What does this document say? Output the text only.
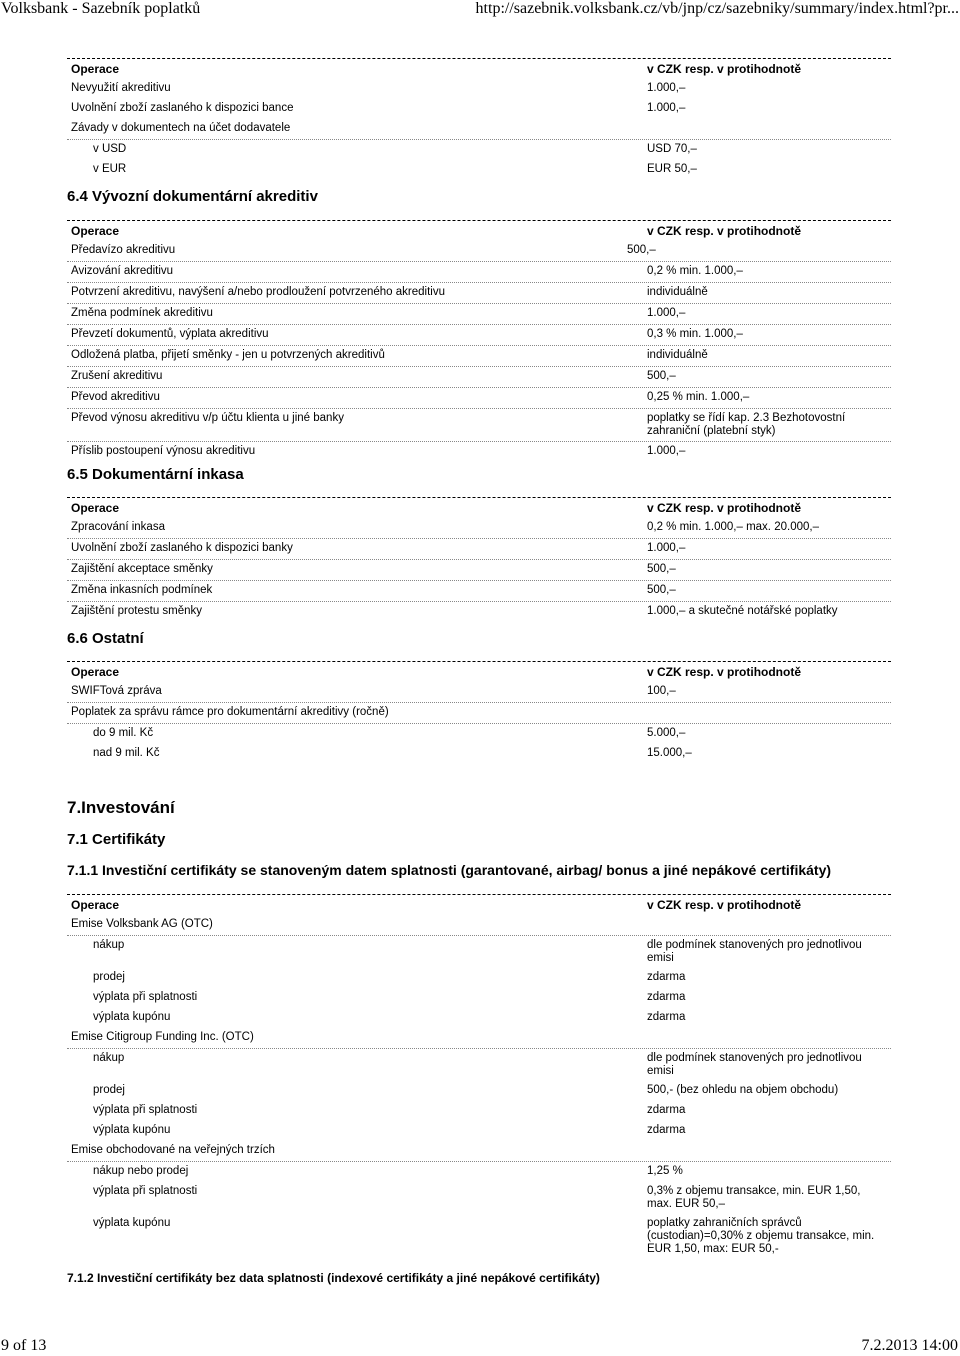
Volksbank - Sazebník poplatků	http://sazebnik.volksbank.cz/vb/jnp/cz/sazebniky/summary/index.html?pr...
Operace	v CZK resp. v protihodnotě
Nevyužití akreditivu	1.000,–
Uvolnění zboží zaslaného k dispozici bance	1.000,–
Závady v dokumentech na účet dodavatele
v USD	USD 70,–
v EUR	EUR 50,–
6.4 Vývozní dokumentární akreditiv
Operace	v CZK resp. v protihodnotě
Předavízo akreditivu	500,–
Avizování akreditivu	0,2 % min. 1.000,–
Potvrzení akreditivu, navýšení a/nebo prodloužení potvrzeného akreditivu	individuálně
Změna podmínek akreditivu	1.000,–
Převzetí dokumentů, výplata akreditivu	0,3 % min. 1.000,–
Odložená platba, přijetí směnky - jen u potvrzených akreditivů	individuálně
Zrušení akreditivu	500,–
Převod akreditivu	0,25 % min. 1.000,–
Převod výnosu akreditivu v/p účtu klienta u jiné banky	poplatky se řídí kap. 2.3 Bezhotovostní zahraniční (platební styk)
Příslib postoupení výnosu akreditivu	1.000,–
6.5 Dokumentární inkasa
Operace	v CZK resp. v protihodnotě
Zpracování inkasa	0,2 % min. 1.000,– max. 20.000,–
Uvolnění zboží zaslaného k dispozici banky	1.000,–
Zajištění akceptace směnky	500,–
Změna inkasních podmínek	500,–
Zajištění protestu směnky	1.000,– a skutečné notářské poplatky
6.6 Ostatní
Operace	v CZK resp. v protihodnotě
SWIFTová zpráva	100,–
Poplatek za správu rámce pro dokumentární akreditivy (ročně)
do 9 mil. Kč	5.000,–
nad 9 mil. Kč	15.000,–
7.Investování
7.1 Certifikáty
7.1.1 Investiční certifikáty se stanoveným datem splatnosti (garantované, airbag/ bonus a jiné nepákové certifikáty)
Operace	v CZK resp. v protihodnotě
Emise Volksbank AG (OTC)
nákup	dle podmínek stanovených pro jednotlivou emisi
prodej	zdarma
výplata při splatnosti	zdarma
výplata kupónu	zdarma
Emise Citigroup Funding Inc. (OTC)
nákup	dle podmínek stanovených pro jednotlivou emisi
prodej	500,- (bez ohledu na objem obchodu)
výplata při splatnosti	zdarma
výplata kupónu	zdarma
Emise obchodované na veřejných trzích
nákup nebo prodej	1,25 %
výplata při splatnosti	0,3% z objemu transakce, min. EUR 1,50, max. EUR 50,–
výplata kupónu	poplatky zahraničních správců (custodian)=0,30% z objemu transakce, min. EUR 1,50, max: EUR 50,-
7.1.2 Investiční certifikáty bez data splatnosti (indexové certifikáty a jiné nepákové certifikáty)
9 of 13	7.2.2013 14:00
